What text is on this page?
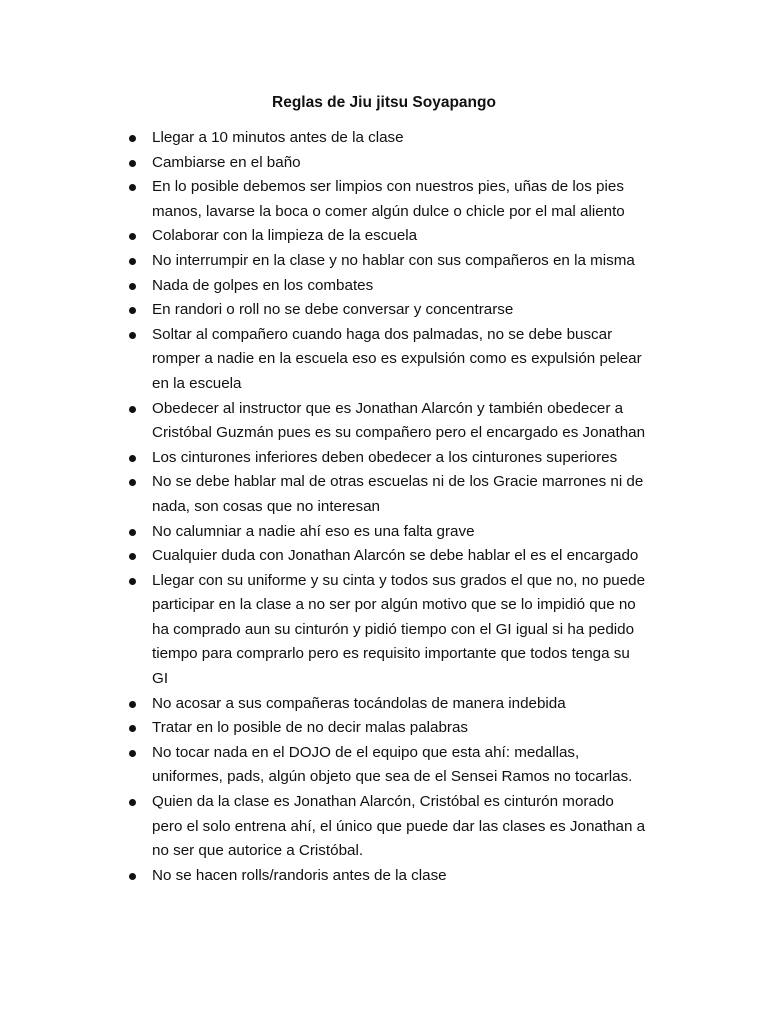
Reglas de Jiu jitsu Soyapango
Llegar a 10 minutos antes de la clase
Cambiarse en el baño
En lo posible debemos ser limpios con nuestros pies, uñas de los pies manos, lavarse la boca o comer algún dulce o chicle por el mal aliento
Colaborar con la limpieza de la escuela
No interrumpir en la clase y no hablar con sus compañeros en la misma
Nada de golpes en los combates
En randori o roll no se debe conversar y concentrarse
Soltar al compañero cuando haga dos palmadas, no se debe buscar romper a nadie en la escuela eso es expulsión como es expulsión pelear en la escuela
Obedecer al instructor que es Jonathan Alarcón y también obedecer a Cristóbal Guzmán pues es su compañero pero el encargado es Jonathan
Los cinturones inferiores deben obedecer a los cinturones superiores
No se debe hablar mal de otras escuelas ni de los Gracie marrones ni de nada, son cosas que no interesan
No calumniar a nadie ahí eso es una falta grave
Cualquier duda con Jonathan Alarcón se debe hablar el es el encargado
Llegar con su uniforme y su cinta y todos sus grados el que no, no puede participar en la clase a no ser por algún motivo que se lo impidió que no ha comprado aun su cinturón y pidió tiempo con el GI igual si ha pedido tiempo para comprarlo pero es requisito importante que todos tenga su GI
No acosar a sus compañeras tocándolas de manera indebida
Tratar en lo posible de no decir malas palabras
No tocar nada en el DOJO de el equipo que esta ahí: medallas, uniformes, pads, algún objeto que sea de el Sensei Ramos no tocarlas.
Quien da la clase es Jonathan Alarcón, Cristóbal es cinturón morado pero el solo entrena ahí, el único que puede dar las clases es Jonathan a no ser que autorice a Cristóbal.
No se hacen rolls/randoris antes de la clase
